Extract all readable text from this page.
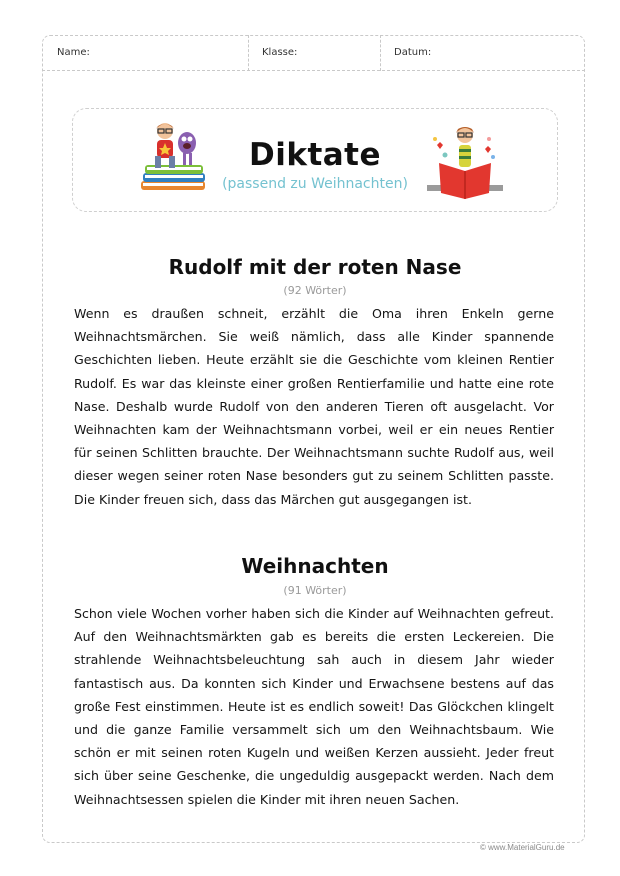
Name:	Klasse:	Datum:
Diktate
(passend zu Weihnachten)
Rudolf mit der roten Nase
(92 Wörter)

Wenn es draußen schneit, erzählt die Oma ihren Enkeln gerne Weihnachtsmärchen. Sie weiß nämlich, dass alle Kinder spannende Geschichten lieben. Heute erzählt sie die Geschichte vom kleinen Rentier Rudolf. Es war das kleinste einer großen Rentierfamilie und hatte eine rote Nase. Deshalb wurde Rudolf von den anderen Tieren oft ausgelacht. Vor Weihnachten kam der Weihnachtsmann vorbei, weil er ein neues Rentier für seinen Schlitten brauchte. Der Weihnachtsmann suchte Rudolf aus, weil dieser wegen seiner roten Nase besonders gut zu seinem Schlitten passte. Die Kinder freuen sich, dass das Märchen gut ausgegangen ist.

Weihnachten
(91 Wörter)

Schon viele Wochen vorher haben sich die Kinder auf Weihnachten gefreut. Auf den Weihnachtsmärkten gab es bereits die ersten Leckereien. Die strahlende Weihnachtsbeleuchtung sah auch in diesem Jahr wieder fantastisch aus. Da konnten sich Kinder und Erwachsene bestens auf das große Fest einstimmen. Heute ist es endlich soweit! Das Glöckchen klingelt und die ganze Familie versammelt sich um den Weihnachtsbaum. Wie schön er mit seinen roten Kugeln und weißen Kerzen aussieht. Jeder freut sich über seine Geschenke, die ungeduldig ausgepackt werden. Nach dem Weihnachtsessen spielen die Kinder mit ihren neuen Sachen.

© www.MaterialGuru.de
